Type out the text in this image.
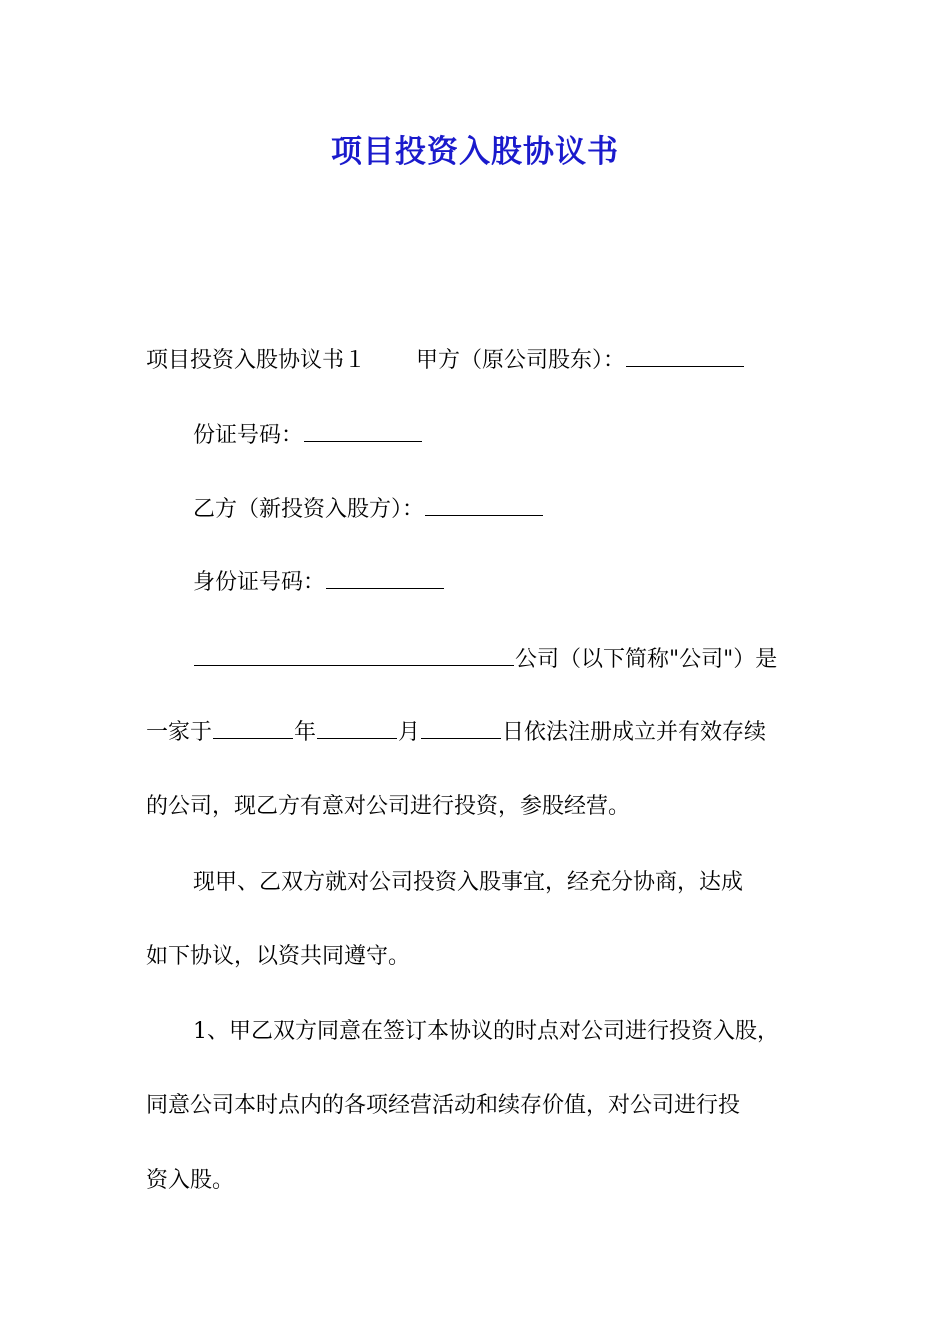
项目投资入股协议书

项目投资入股协议书１ 甲方（原公司股东）：

份证号码：

乙方（新投资入股方）：

身份证号码：

公司（以下简称"公司"）是

一家于	年	月	日依法注册成立并有效存续

的公司，现乙方有意对公司进行投资，参股经营。

现甲、乙双方就对公司投资入股事宜，经充分协商，达成

如下协议，以资共同遵守。

1、甲乙双方同意在签订本协议的时点对公司进行投资入股，

同意公司本时点内的各项经营活动和续存价值，对公司进行投

资入股。
